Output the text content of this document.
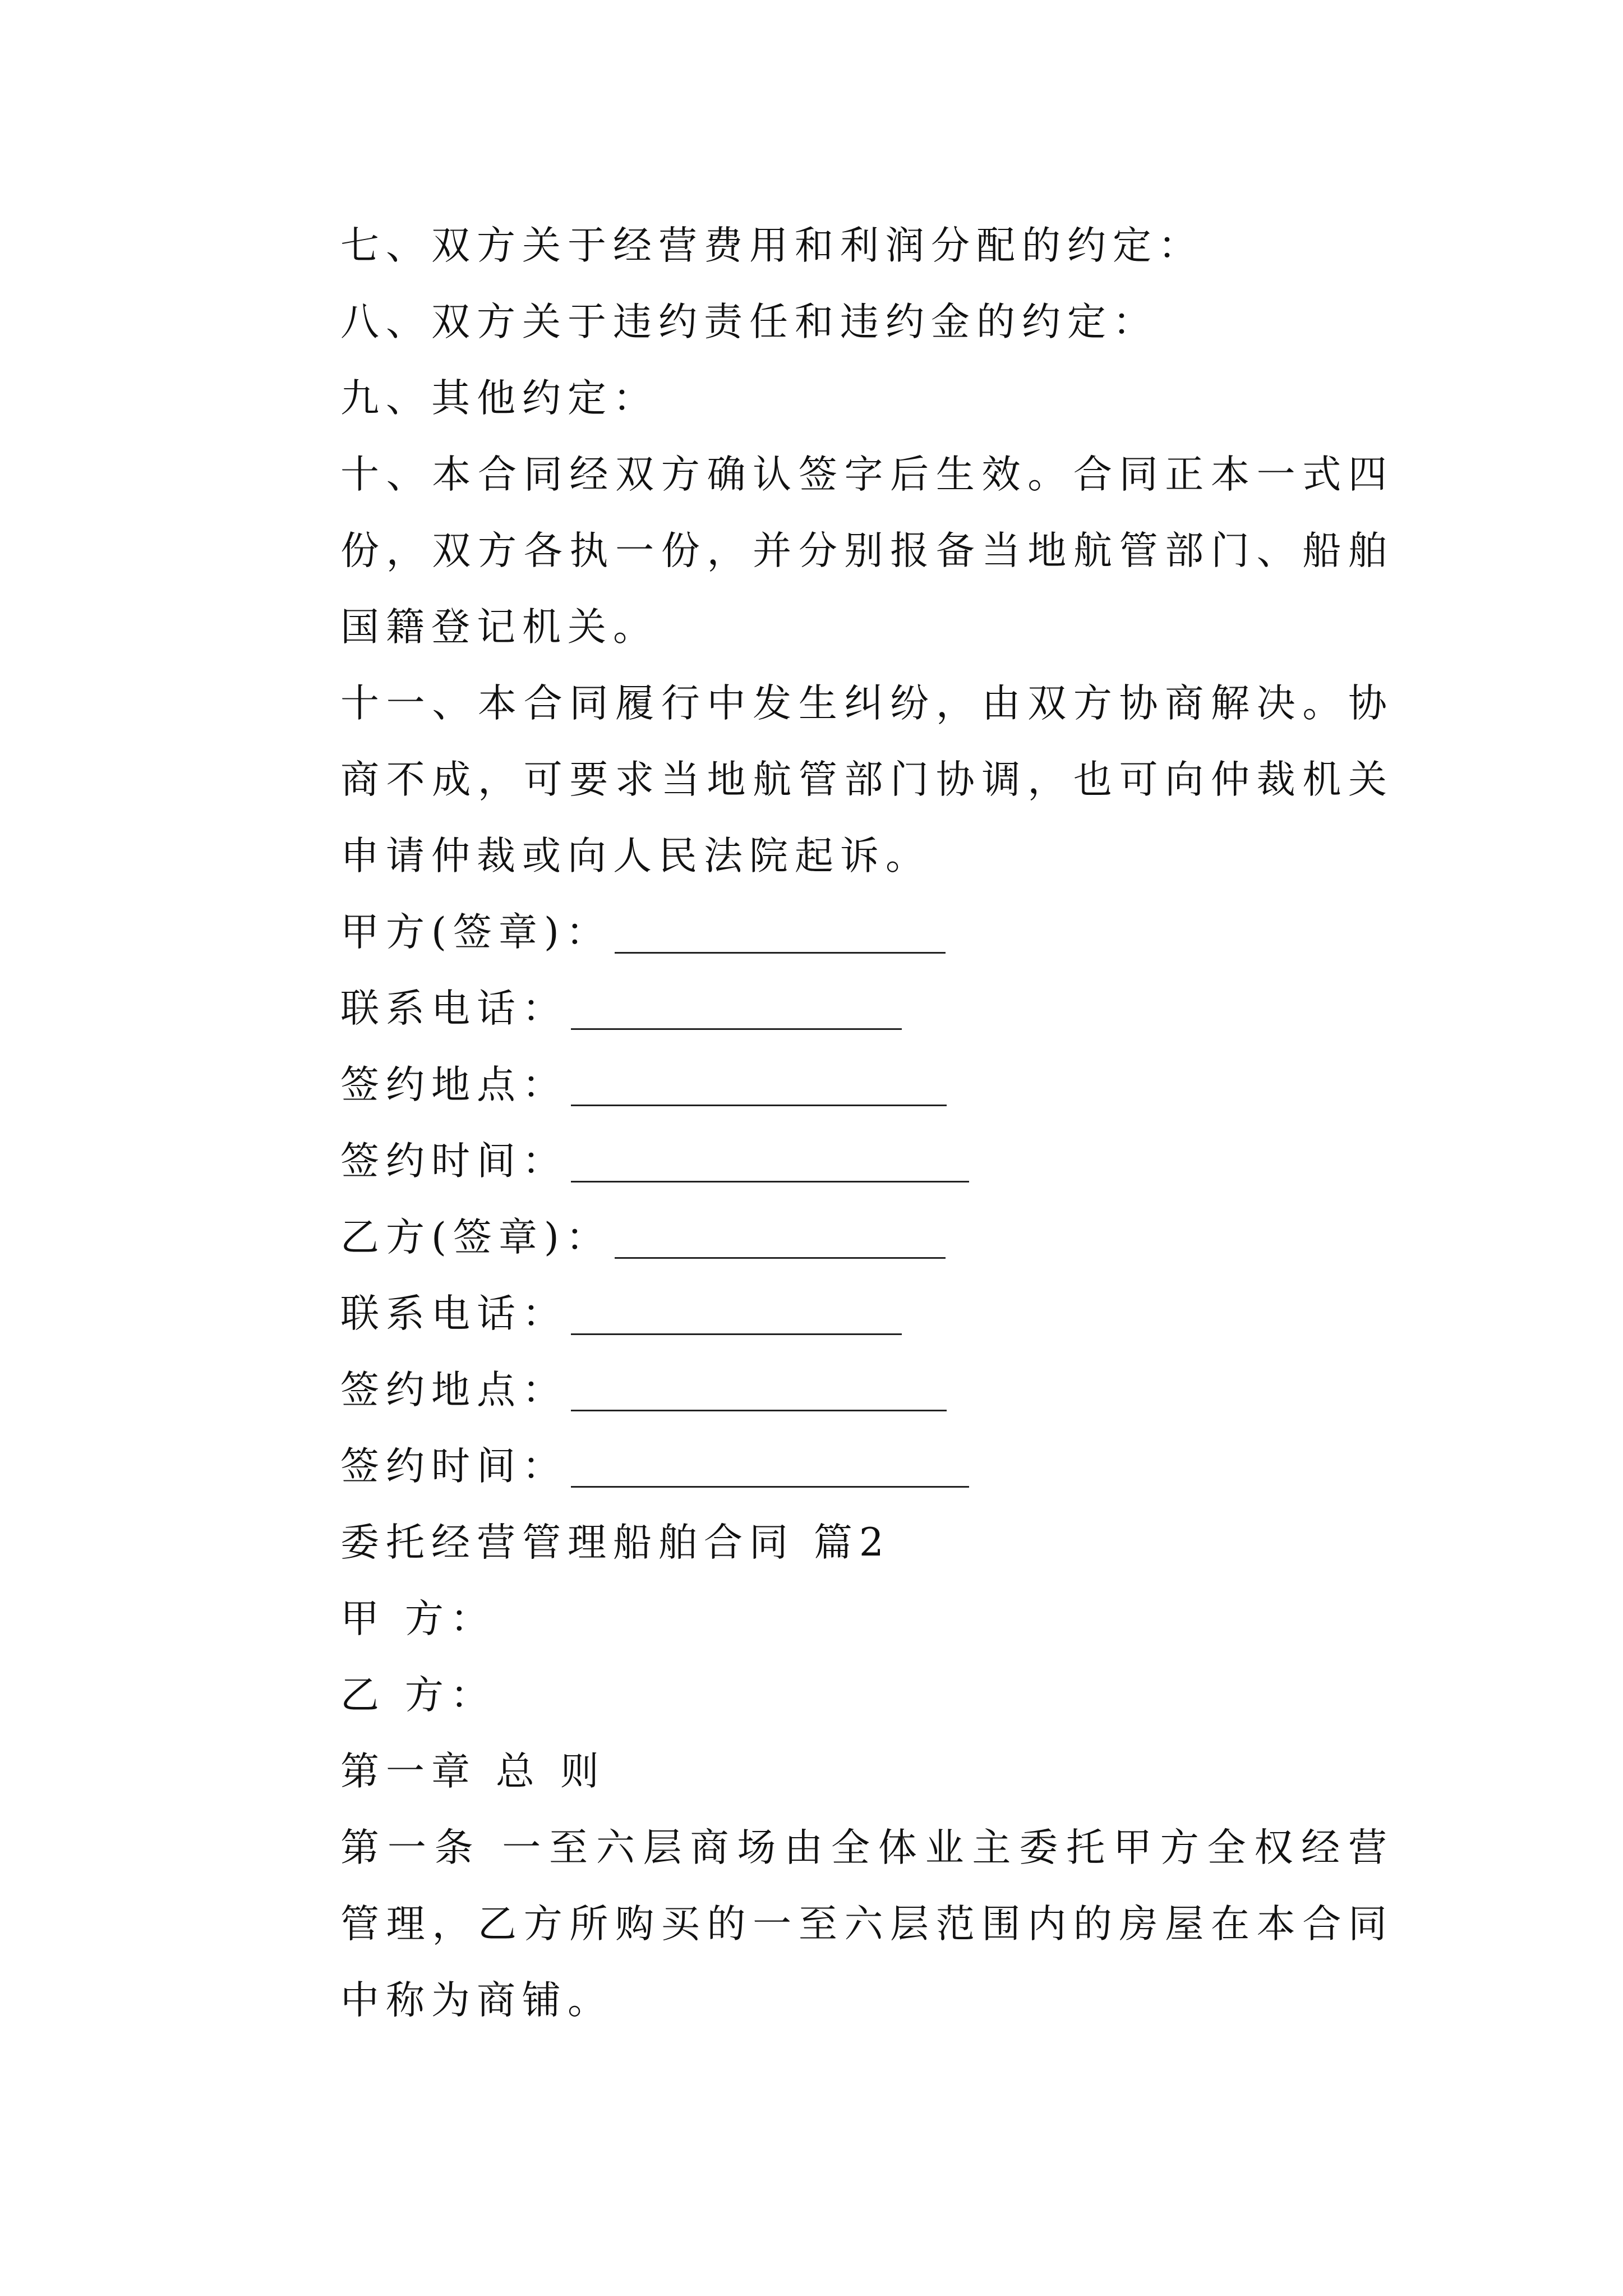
七、双方关于经营费用和利润分配的约定：
八、双方关于违约责任和违约金的约定：
九、其他约定：
十、本合同经双方确认签字后生效。合同正本一式四份，双方各执一份，并分别报备当地航管部门、船舶国籍登记机关。
十一、本合同履行中发生纠纷，由双方协商解决。协商不成，可要求当地航管部门协调，也可向仲裁机关申请仲裁或向人民法院起诉。
甲方(签章)：
联系电话：
签约地点：
签约时间：
乙方(签章)：
联系电话：
签约地点：
签约时间：
委托经营管理船舶合同 篇2
甲 方：
乙 方：
第一章 总 则
第一条 一至六层商场由全体业主委托甲方全权经营管理，乙方所购买的一至六层范围内的房屋在本合同中称为商铺。
